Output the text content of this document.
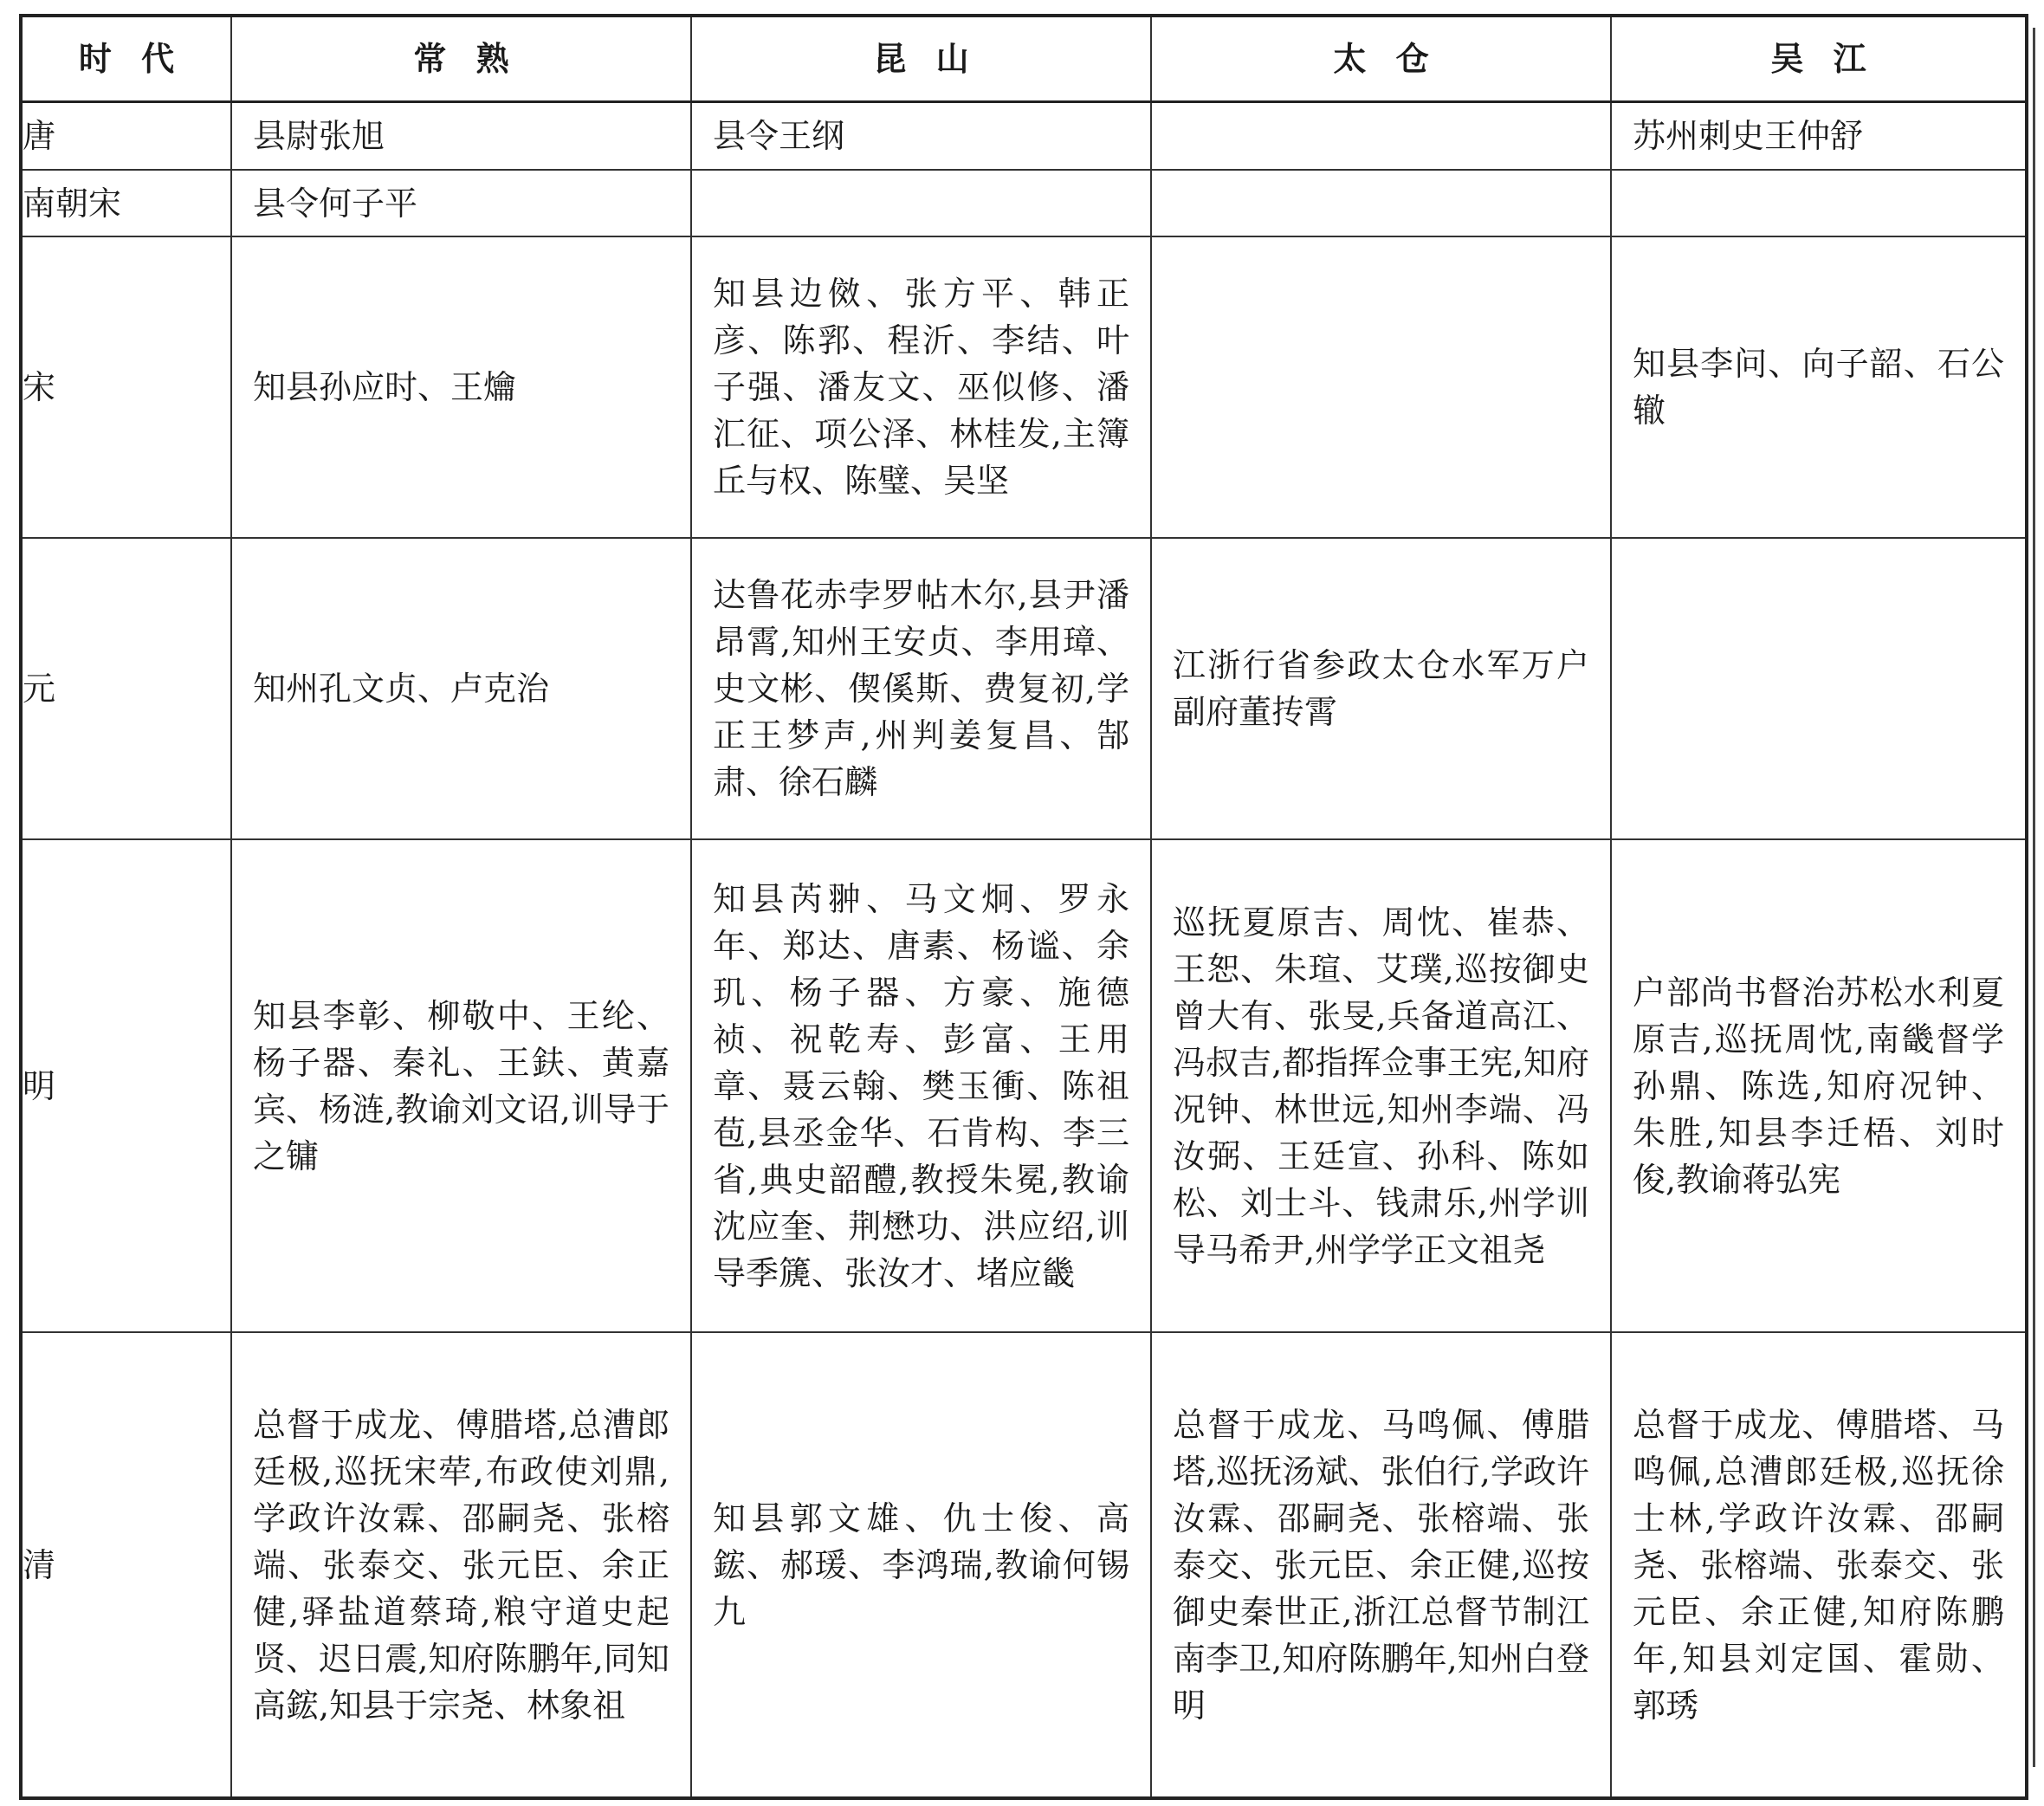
时代	常熟	昆山	太仓	吴江
唐	县尉张旭	县令王纲		苏州刺史王仲舒
南朝宋	县令何子平			
宋	知县孙应时、王爚	知县边傚、张方平、韩正彦、陈郛、程沂、李结、叶子强、潘友文、巫似修、潘汇征、项公泽、林桂发,主簿丘与权、陈璧、吴坚		知县李问、向子韶、石公辙
元	知州孔文贞、卢克治	达鲁花赤孛罗帖木尔,县尹潘昂霄,知州王安贞、李用璋、史文彬、偰傒斯、费复初,学正王梦声,州判姜复昌、郜肃、徐石麟	江浙行省参政太仓水军万户副府董抟霄	
明	知县李彰、柳敬中、王纶、杨子器、秦礼、王鈇、黄嘉宾、杨涟,教谕刘文诏,训导于之镛	知县芮翀、马文炯、罗永年、郑达、唐素、杨谧、余玑、杨子器、方豪、施德祯、祝乾寿、彭富、王用章、聂云翰、樊玉衝、陈祖苞,县丞金华、石肯构、李三省,典史韶醴,教授朱冕,教谕沈应奎、荆懋功、洪应绍,训导季篪、张汝才、堵应畿	巡抚夏原吉、周忱、崔恭、王恕、朱瑄、艾璞,巡按御史曾大有、张旻,兵备道高江、冯叔吉,都指挥佥事王宪,知府况钟、林世远,知州李端、冯汝弼、王廷宣、孙科、陈如松、刘士斗、钱肃乐,州学训导马希尹,州学学正文祖尧	户部尚书督治苏松水利夏原吉,巡抚周忱,南畿督学孙鼎、陈选,知府况钟、朱胜,知县李迁梧、刘时俊,教谕蒋弘宪
清	总督于成龙、傅腊塔,总漕郎廷极,巡抚宋荦,布政使刘鼎,学政许汝霖、邵嗣尧、张榕端、张泰交、张元臣、余正健,驿盐道蔡琦,粮守道史起贤、迟日震,知府陈鹏年,同知高鋐,知县于宗尧、林象祖	知县郭文雄、仇士俊、高鋐、郝瑗、李鸿瑞,教谕何锡九	总督于成龙、马鸣佩、傅腊塔,巡抚汤斌、张伯行,学政许汝霖、邵嗣尧、张榕端、张泰交、张元臣、余正健,巡按御史秦世正,浙江总督节制江南李卫,知府陈鹏年,知州白登明	总督于成龙、傅腊塔、马鸣佩,总漕郎廷极,巡抚徐士林,学政许汝霖、邵嗣尧、张榕端、张泰交、张元臣、余正健,知府陈鹏年,知县刘定国、霍勋、郭琇
